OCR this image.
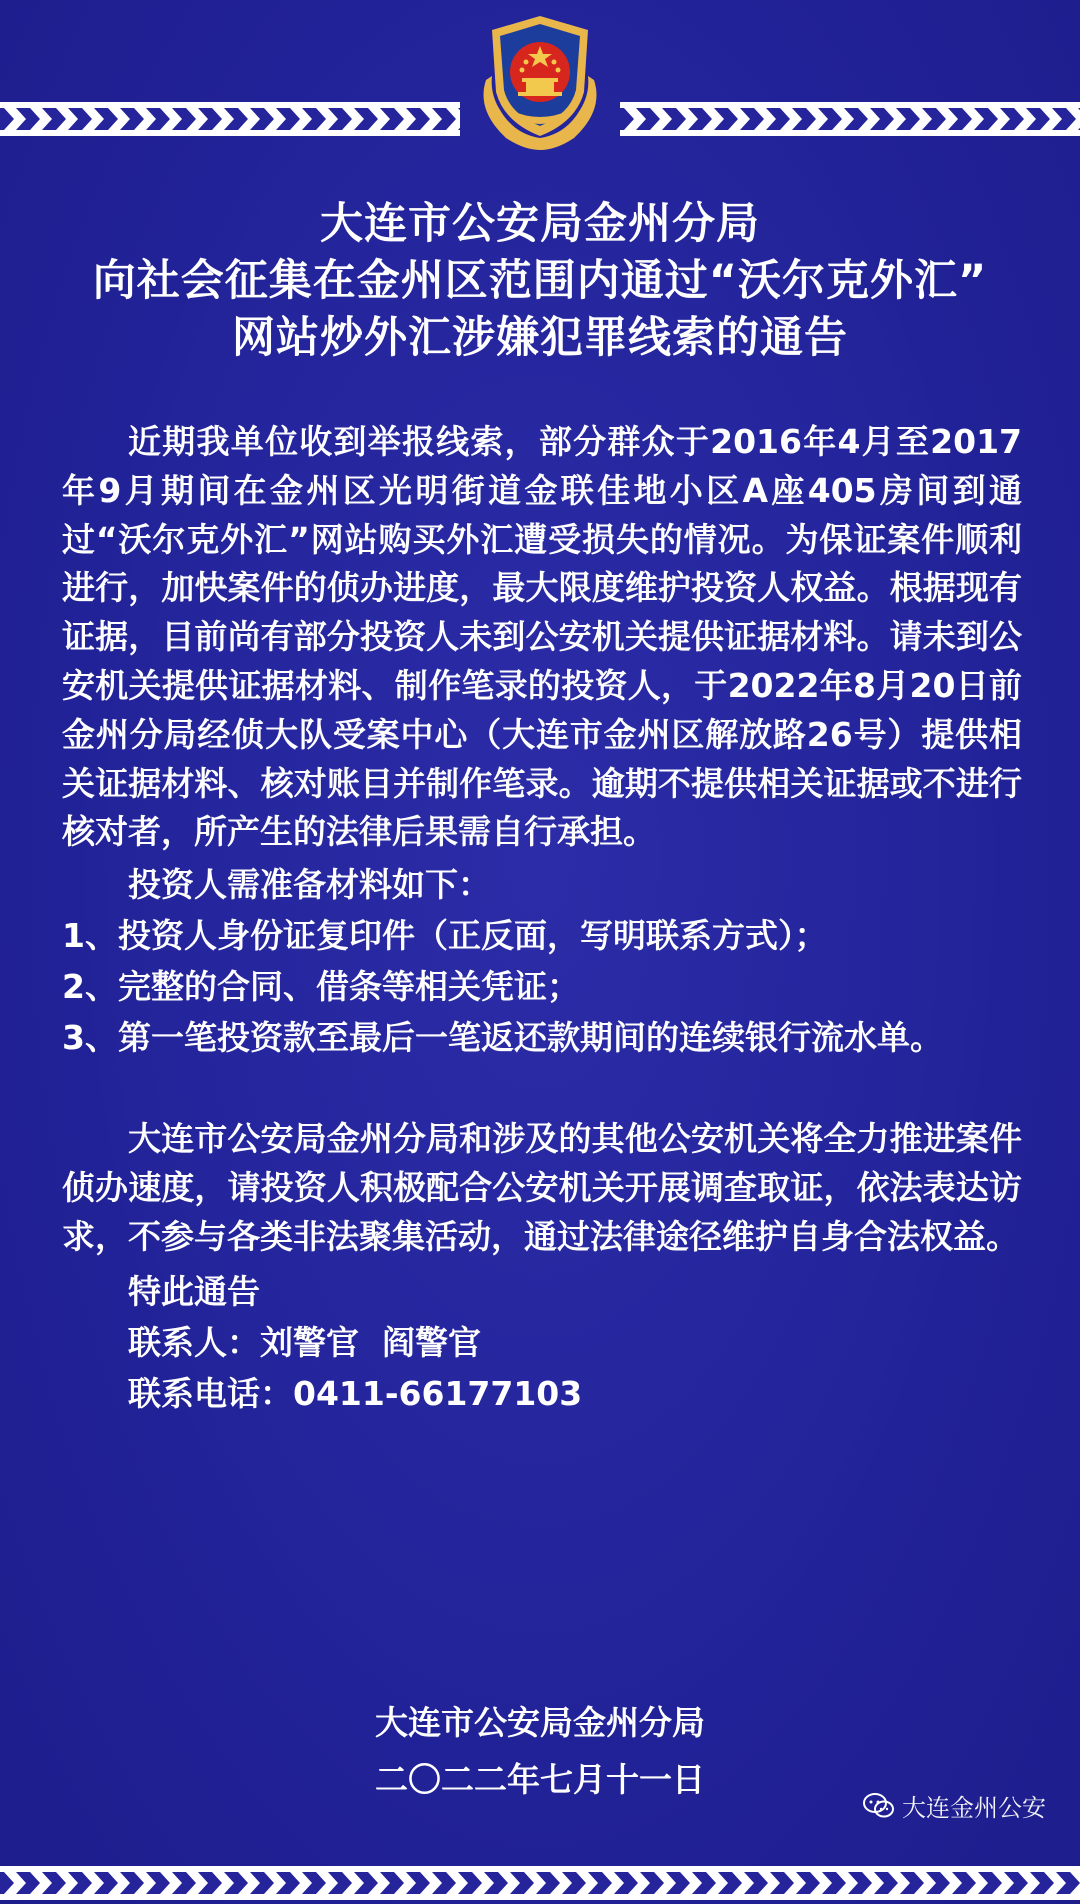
大连市公安局金州分局
向社会征集在金州区范围内通过“沃尔克外汇”
网站炒外汇涉嫌犯罪线索的通告

近期我单位收到举报线索，部分群众于2016年4月至2017年9月期间在金州区光明街道金联佳地小区A座405房间到通过“沃尔克外汇”网站购买外汇遭受损失的情况。为保证案件顺利进行，加快案件的侦办进度，最大限度维护投资人权益。根据现有证据，目前尚有部分投资人未到公安机关提供证据材料。请未到公安机关提供证据材料、制作笔录的投资人，于2022年8月20日前金州分局经侦大队受案中心（大连市金州区解放路26号）提供相关证据材料、核对账目并制作笔录。逾期不提供相关证据或不进行核对者，所产生的法律后果需自行承担。

投资人需准备材料如下：

1、投资人身份证复印件（正反面，写明联系方式）；

2、完整的合同、借条等相关凭证；

3、第一笔投资款至最后一笔返还款期间的连续银行流水单。

大连市公安局金州分局和涉及的其他公安机关将全力推进案件侦办速度，请投资人积极配合公安机关开展调查取证，依法表达访求，不参与各类非法聚集活动，通过法律途径维护自身合法权益。

特此通告

联系人：刘警官  阎警官

联系电话：0411-66177103

大连市公安局金州分局
二〇二二年七月十一日
大连金州公安
